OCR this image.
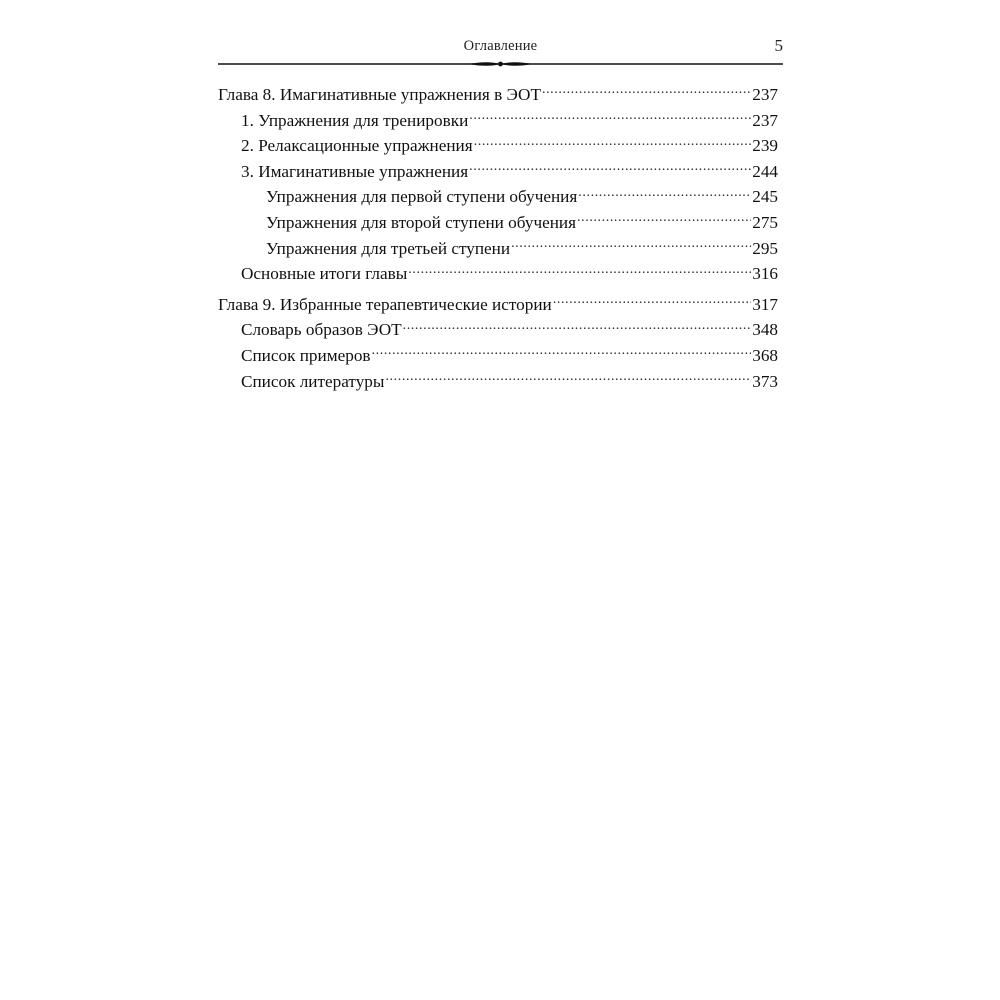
Оглавление	5
Глава 8. Имагинативные упражнения в ЭОТ .....	237
1. Упражнения для тренировки .....	237
2. Релаксационные упражнения .....	239
3. Имагинативные упражнения .....	244
Упражнения для первой ступени обучения .....	245
Упражнения для второй ступени обучения .....	275
Упражнения для третьей ступени .....	295
Основные итоги главы .....	316
Глава 9. Избранные терапевтические истории .....	317
Словарь образов ЭОТ .....	348
Список примеров .....	368
Список литературы .....	373
